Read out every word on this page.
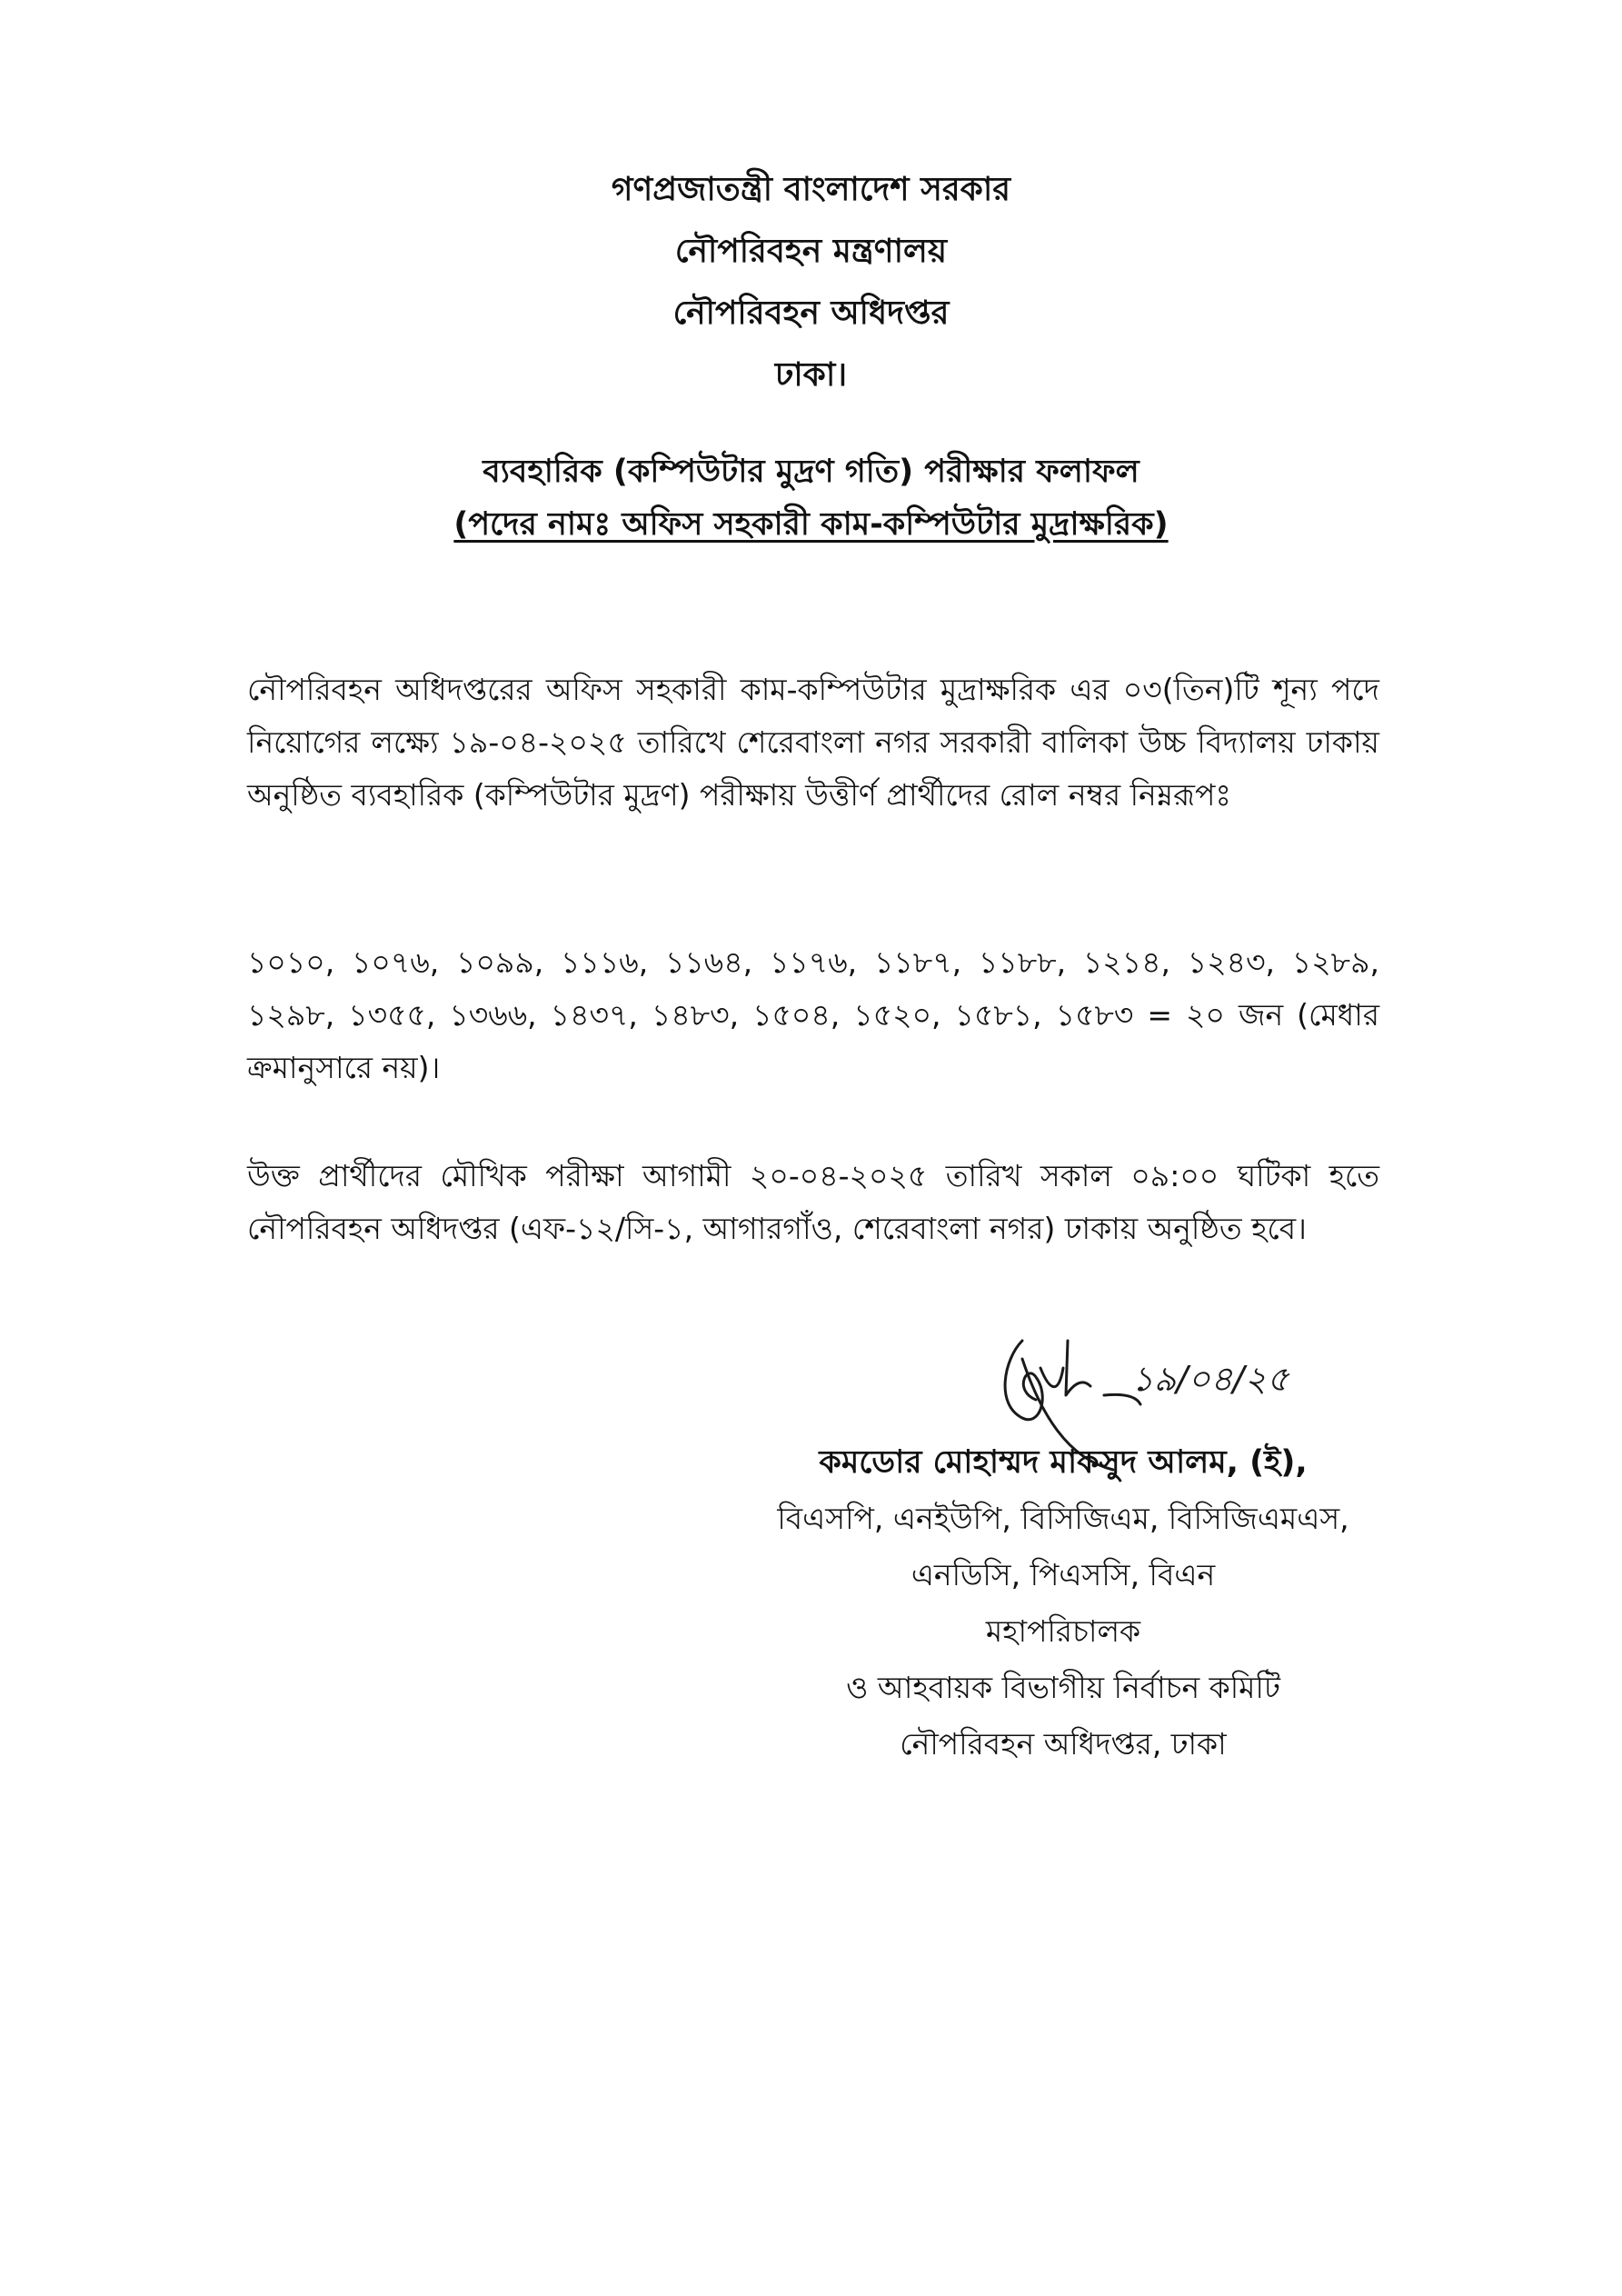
গণপ্রজাতন্ত্রী বাংলাদেশ সরকার
নৌপরিবহন মন্ত্রণালয়
নৌপরিবহন অধিদপ্তর
ঢাকা।
ব্যবহারিক (কম্পিউটার মুদ্রণ গতি) পরীক্ষার ফলাফল
(পদের নামঃ অফিস সহকারী কাম-কম্পিউটার মুদ্রাক্ষরিক)
নৌপরিবহন অধিদপ্তরের অফিস সহকারী কাম-কম্পিউটার মুদ্রাক্ষরিক এর ০৩(তিন)টি শূন্য পদে নিয়োগের লক্ষ্যে ১৯-০৪-২০২৫ তারিখে শেরেবাংলা নগর সরকারী বালিকা উচ্চ বিদ্যালয় ঢাকায় অনুষ্ঠিত ব্যবহারিক (কম্পিউটার মুদ্রণ) পরীক্ষায় উত্তীর্ণ প্রার্থীদের রোল নম্বর নিম্নরূপঃ
১০১০, ১০৭৬, ১০৯৯, ১১১৬, ১১৬৪, ১১৭৬, ১১৮৭, ১১৮৮, ১২১৪, ১২৪৩, ১২৮৯, ১২৯৮, ১৩৫৫, ১৩৬৬, ১৪৩৭, ১৪৮৩, ১৫০৪, ১৫২০, ১৫৮১, ১৫৮৩ = ২০ জন (মেধার ক্রমানুসারে নয়)।
উক্ত প্রার্থীদের মৌখিক পরীক্ষা আগামী ২০-০৪-২০২৫ তারিখ সকাল ০৯:০০ ঘটিকা হতে নৌপরিবহন অধিদপ্তর (এফ-১২/সি-১, আগারগাঁও, শেরেবাংলা নগর) ঢাকায় অনুষ্ঠিত হবে।
১৯/০৪/২৫
কমডোর মোহাম্মদ মাকসুদ আলম, (ই),
বিএসপি, এনইউপি, বিসিজিএম, বিসিজিএমএস,
এনডিসি, পিএসসি, বিএন
মহাপরিচালক
ও আহবায়ক বিভাগীয় নির্বাচন কমিটি
নৌপরিবহন অধিদপ্তর, ঢাকা
